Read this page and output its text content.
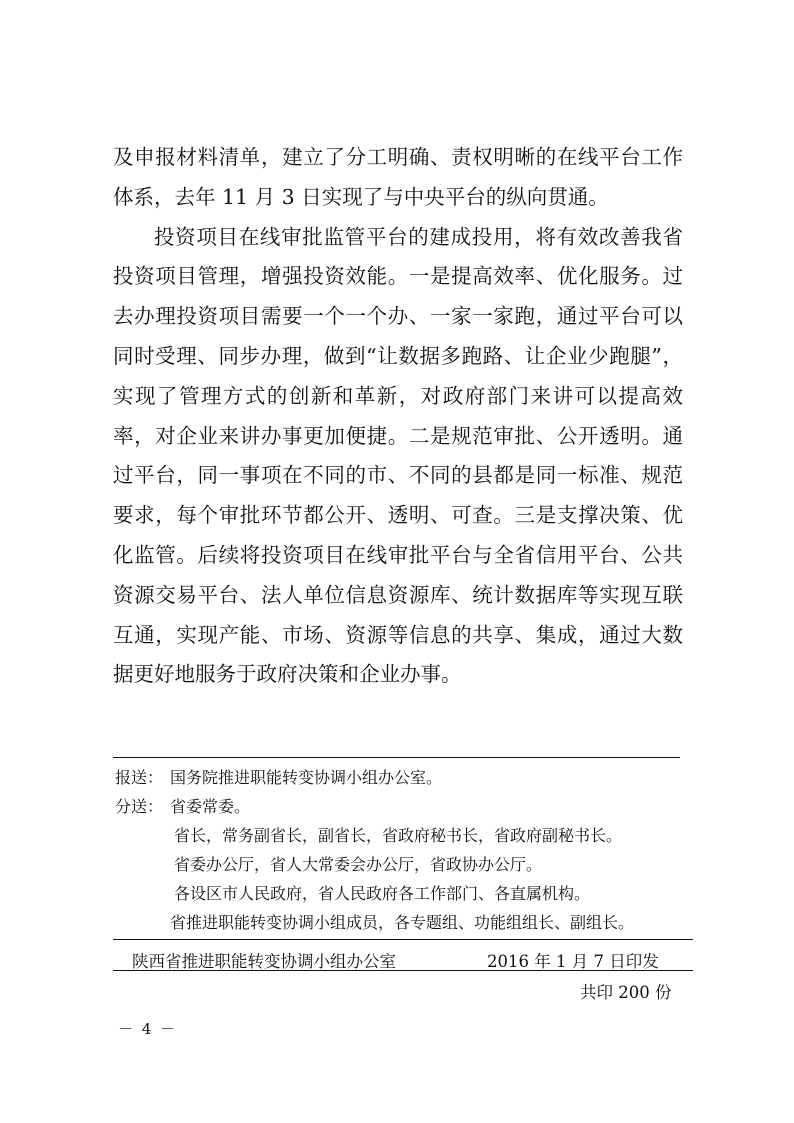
及申报材料清单，建立了分工明确、责权明晰的在线平台工作
体系，去年 11 月 3 日实现了与中央平台的纵向贯通。
投资项目在线审批监管平台的建成投用，将有效改善我省
投资项目管理，增强投资效能。一是提高效率、优化服务。过
去办理投资项目需要一个一个办、一家一家跑，通过平台可以
同时受理、同步办理，做到“让数据多跑路、让企业少跑腿”，
实现了管理方式的创新和革新，对政府部门来讲可以提高效
率，对企业来讲办事更加便捷。二是规范审批、公开透明。通
过平台，同一事项在不同的市、不同的县都是同一标准、规范
要求，每个审批环节都公开、透明、可查。三是支撑决策、优
化监管。后续将投资项目在线审批平台与全省信用平台、公共
资源交易平台、法人单位信息资源库、统计数据库等实现互联
互通，实现产能、市场、资源等信息的共享、集成，通过大数
据更好地服务于政府决策和企业办事。
报送： 国务院推进职能转变协调小组办公室。
分送： 省委常委。
省长，常务副省长，副省长，省政府秘书长，省政府副秘书长。
省委办公厅，省人大常委会办公厅，省政协办公厅。
各设区市人民政府，省人民政府各工作部门、各直属机构。
省推进职能转变协调小组成员，各专题组、功能组组长、副组长。
陕西省推进职能转变协调小组办公室	2016 年 1 月 7 日印发
共印 200 份
－ 4 －
